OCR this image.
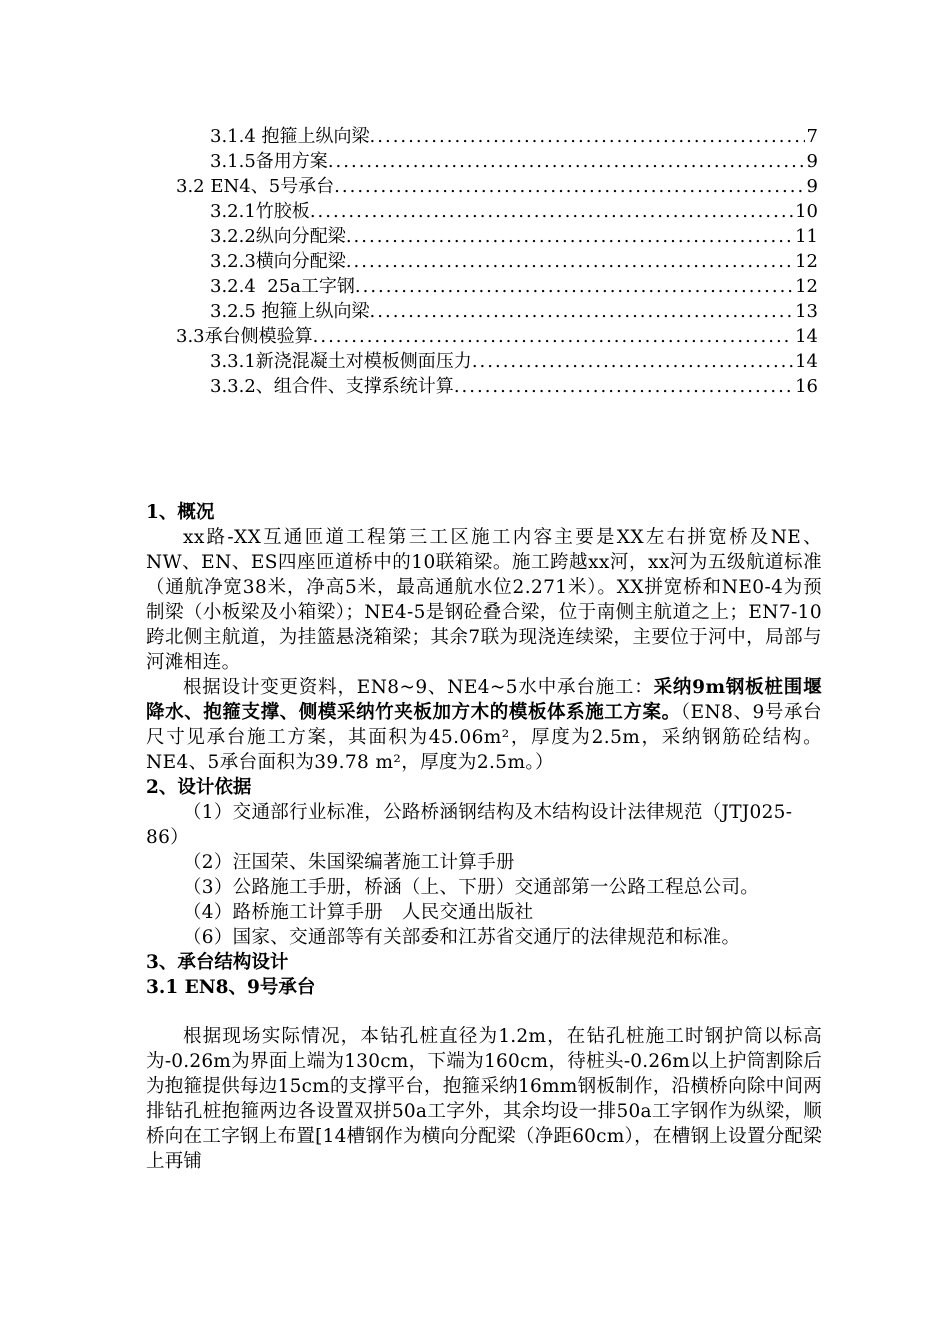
3.1.4 抱箍上纵向梁 .....	7
3.1.5备用方案 .....	9
3.2 EN4、5号承台 .....	9
3.2.1竹胶板 .....	10
3.2.2纵向分配梁 .....	11
3.2.3横向分配梁 .....	12
3.2.4  25a工字钢 .....	12
3.2.5 抱箍上纵向梁 .....	13
3.3承台侧模验算 .....	14
3.3.1新浇混凝土对模板侧面压力 .....	14
3.3.2、组合件、支撑系统计算 .....	16

1、概况

xx路-XX互通匝道工程第三工区施工内容主要是XX左右拼宽桥及NE、NW、EN、ES四座匝道桥中的10联箱梁。施工跨越xx河，xx河为五级航道标准（通航净宽38米，净高5米，最高通航水位2.271米）。XX拼宽桥和NE0-4为预制梁（小板梁及小箱梁）；NE4-5是钢砼叠合梁，位于南侧主航道之上；EN7-10跨北侧主航道，为挂篮悬浇箱梁；其余7联为现浇连续梁，主要位于河中，局部与河滩相连。

根据设计变更资料，EN8~9、NE4~5水中承台施工：采纳9m钢板桩围堰降水、抱箍支撑、侧模采纳竹夹板加方木的模板体系施工方案。（EN8、9号承台尺寸见承台施工方案，其面积为45.06m²，厚度为2.5m，采纳钢筋砼结构。NE4、5承台面积为39.78 m²，厚度为2.5m。）

2、设计依据

（1）交通部行业标准，公路桥涵钢结构及木结构设计法律规范（JTJ025-86）

（2）汪国荣、朱国梁编著施工计算手册

（3）公路施工手册，桥涵（上、下册）交通部第一公路工程总公司。

（4）路桥施工计算手册　人民交通出版社

（6）国家、交通部等有关部委和江苏省交通厅的法律规范和标准。

3、承台结构设计

3.1 EN8、9号承台

根据现场实际情况，本钻孔桩直径为1.2m，在钻孔桩施工时钢护筒以标高为-0.26m为界面上端为130cm，下端为160cm，待桩头-0.26m以上护筒割除后为抱箍提供每边15cm的支撑平台，抱箍采纳16mm钢板制作，沿横桥向除中间两排钻孔桩抱箍两边各设置双拼50a工字外，其余均设一排50a工字钢作为纵梁，顺桥向在工字钢上布置[14槽钢作为横向分配梁（净距60cm），在槽钢上设置分配梁上再铺
